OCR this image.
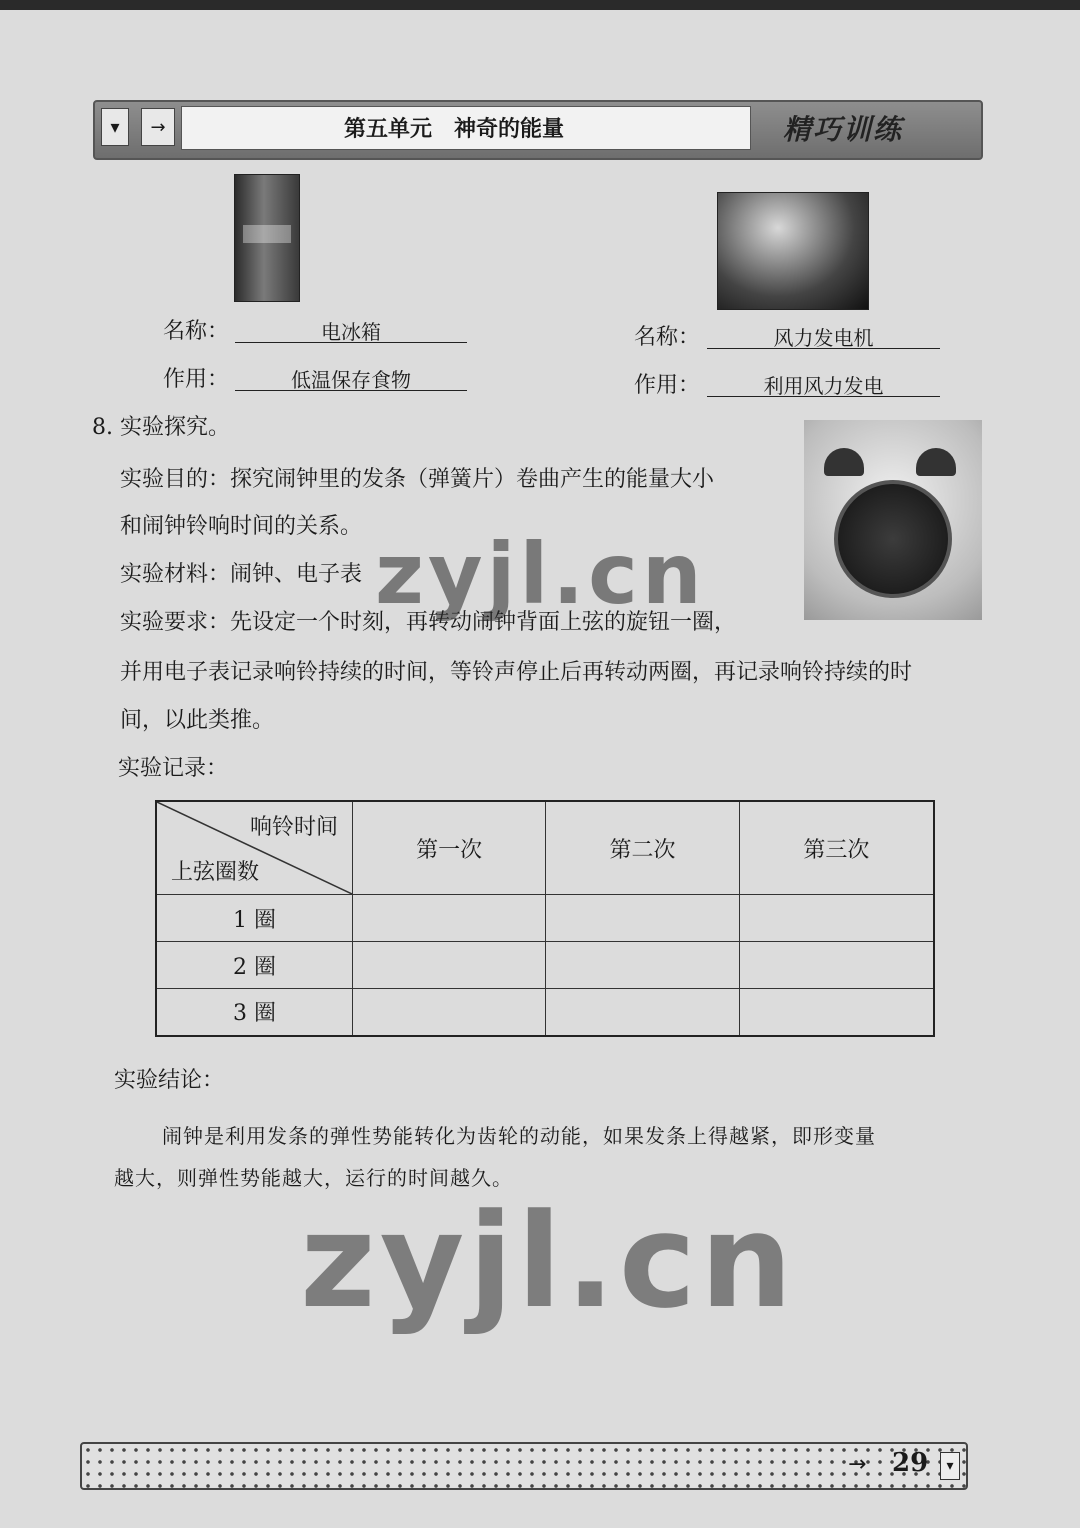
▾	→	第五单元　神奇的能量	精巧训练
名称：	电冰箱
作用：	低温保存食物
名称：	风力发电机
作用：	利用风力发电
8. 实验探究。
实验目的：探究闹钟里的发条（弹簧片）卷曲产生的能量大小
和闹钟铃响时间的关系。
实验材料：闹钟、电子表
实验要求：先设定一个时刻，再转动闹钟背面上弦的旋钮一圈，
并用电子表记录响铃持续的时间，等铃声停止后再转动两圈，再记录响铃持续的时
间，以此类推。
实验记录：
响铃时间
上弦圈数	第一次	第二次	第三次
1 圈			
2 圈			
3 圈			
实验结论：
闹钟是利用发条的弹性势能转化为齿轮的动能，如果发条上得越紧，即形变量
越大，则弹性势能越大，运行的时间越久。
zyjl.cn
zyjl.cn
→ 29	▾
